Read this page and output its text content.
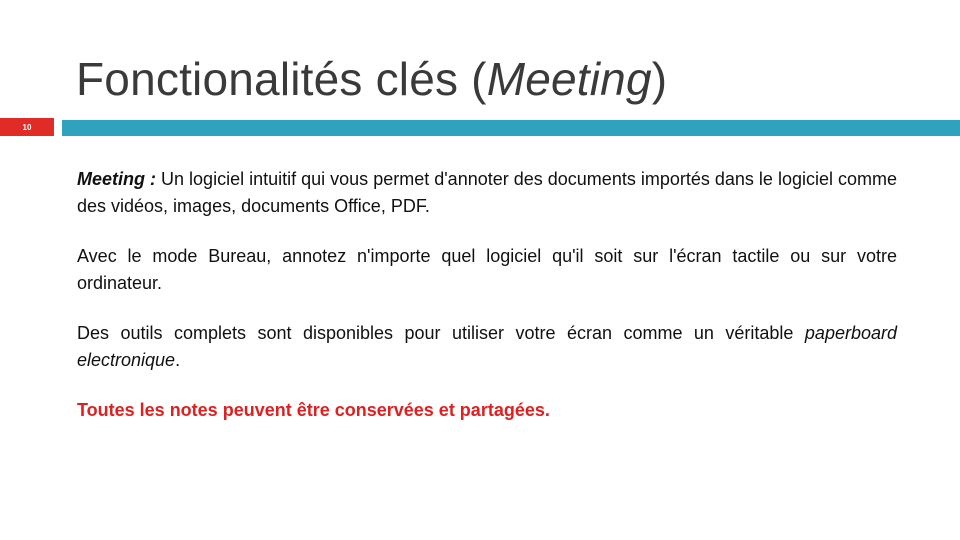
Fonctionalités clés (Meeting)
10

Meeting : Un logiciel intuitif qui vous permet d'annoter des documents importés dans le logiciel comme des vidéos, images, documents Office, PDF.

Avec le mode Bureau, annotez n'importe quel logiciel qu'il soit sur l'écran tactile ou sur votre ordinateur.

Des outils complets sont disponibles pour utiliser votre écran comme un véritable paperboard electronique.

Toutes les notes peuvent être conservées et partagées.
